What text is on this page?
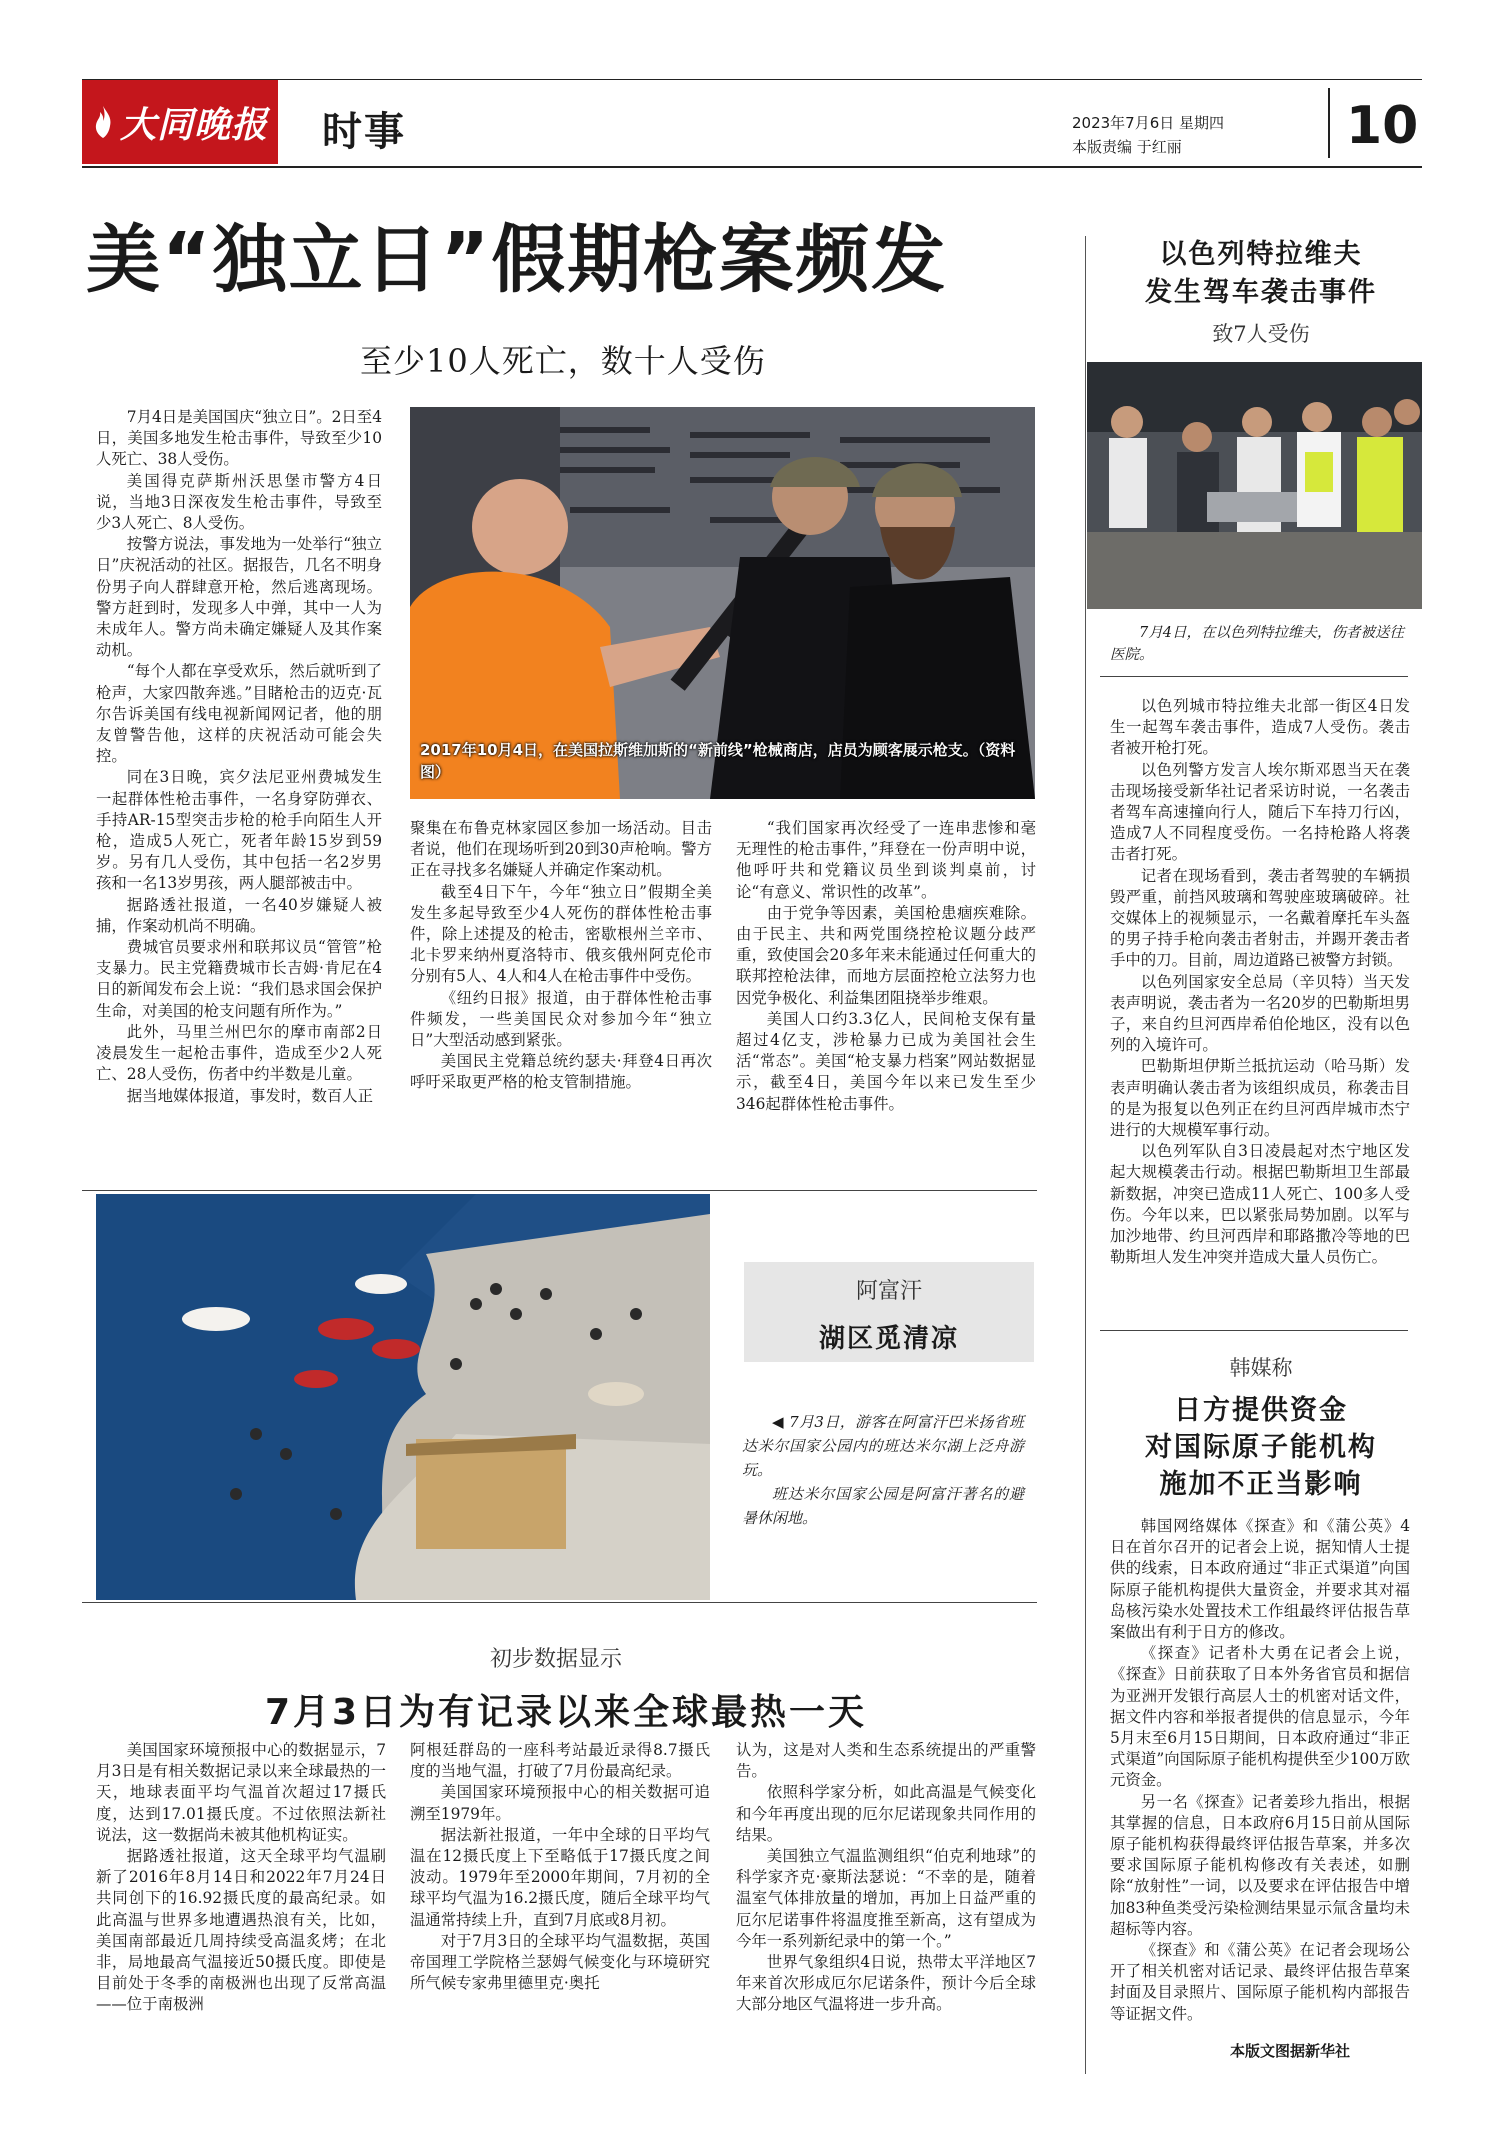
大同晚报 时事	2023年7月6日 星期四
本版责编 于红丽	10
美“独立日”假期枪案频发
至少10人死亡，数十人受伤

7月4日是美国国庆“独立日”。2日至4日，美国多地发生枪击事件，导致至少10人死亡、38人受伤。

美国得克萨斯州沃思堡市警方4日说，当地3日深夜发生枪击事件，导致至少3人死亡、8人受伤。

按警方说法，事发地为一处举行“独立日”庆祝活动的社区。据报告，几名不明身份男子向人群肆意开枪，然后逃离现场。警方赶到时，发现多人中弹，其中一人为未成年人。警方尚未确定嫌疑人及其作案动机。

“每个人都在享受欢乐，然后就听到了枪声，大家四散奔逃。”目睹枪击的迈克·瓦尔告诉美国有线电视新闻网记者，他的朋友曾警告他，这样的庆祝活动可能会失控。

同在3日晚，宾夕法尼亚州费城发生一起群体性枪击事件，一名身穿防弹衣、手持AR-15型突击步枪的枪手向陌生人开枪，造成5人死亡，死者年龄15岁到59岁。另有几人受伤，其中包括一名2岁男孩和一名13岁男孩，两人腿部被击中。

据路透社报道，一名40岁嫌疑人被捕，作案动机尚不明确。

费城官员要求州和联邦议员“管管”枪支暴力。民主党籍费城市长吉姆·肯尼在4日的新闻发布会上说：“我们恳求国会保护生命，对美国的枪支问题有所作为。”

此外，马里兰州巴尔的摩市南部2日凌晨发生一起枪击事件，造成至少2人死亡、28人受伤，伤者中约半数是儿童。

据当地媒体报道，事发时，数百人正

2017年10月4日，在美国拉斯维加斯的“新前线”枪械商店，店员为顾客展示枪支。（资料图）

聚集在布鲁克林家园区参加一场活动。目击者说，他们在现场听到20到30声枪响。警方正在寻找多名嫌疑人并确定作案动机。

截至4日下午，今年“独立日”假期全美发生多起导致至少4人死伤的群体性枪击事件，除上述提及的枪击，密歇根州兰辛市、北卡罗来纳州夏洛特市、俄亥俄州阿克伦市分别有5人、4人和4人在枪击事件中受伤。

《纽约日报》报道，由于群体性枪击事件频发，一些美国民众对参加今年“独立日”大型活动感到紧张。

美国民主党籍总统约瑟夫·拜登4日再次呼吁采取更严格的枪支管制措施。

“我们国家再次经受了一连串悲惨和毫无理性的枪击事件，”拜登在一份声明中说，他呼吁共和党籍议员坐到谈判桌前，讨论“有意义、常识性的改革”。

由于党争等因素，美国枪患痼疾难除。由于民主、共和两党围绕控枪议题分歧严重，致使国会20多年来未能通过任何重大的联邦控枪法律，而地方层面控枪立法努力也因党争极化、利益集团阻挠举步维艰。

美国人口约3.3亿人，民间枪支保有量超过4亿支，涉枪暴力已成为美国社会生活“常态”。美国“枪支暴力档案”网站数据显示，截至4日，美国今年以来已发生至少346起群体性枪击事件。

阿富汗
湖区觅清凉

◀ 7月3日，游客在阿富汗巴米扬省班达米尔国家公园内的班达米尔湖上泛舟游玩。

班达米尔国家公园是阿富汗著名的避暑休闲地。

初步数据显示
7月3日为有记录以来全球最热一天

美国国家环境预报中心的数据显示，7月3日是有相关数据记录以来全球最热的一天，地球表面平均气温首次超过17摄氏度，达到17.01摄氏度。不过依照法新社说法，这一数据尚未被其他机构证实。

据路透社报道，这天全球平均气温刷新了2016年8月14日和2022年7月24日共同创下的16.92摄氏度的最高纪录。如此高温与世界多地遭遇热浪有关，比如，美国南部最近几周持续受高温炙烤；在北非，局地最高气温接近50摄氏度。即使是目前处于冬季的南极洲也出现了反常高温——位于南极洲

阿根廷群岛的一座科考站最近录得8.7摄氏度的当地气温，打破了7月份最高纪录。

美国国家环境预报中心的相关数据可追溯至1979年。

据法新社报道，一年中全球的日平均气温在12摄氏度上下至略低于17摄氏度之间波动。1979年至2000年期间，7月初的全球平均气温为16.2摄氏度，随后全球平均气温通常持续上升，直到7月底或8月初。

对于7月3日的全球平均气温数据，英国帝国理工学院格兰瑟姆气候变化与环境研究所气候专家弗里德里克·奥托

认为，这是对人类和生态系统提出的严重警告。

依照科学家分析，如此高温是气候变化和今年再度出现的厄尔尼诺现象共同作用的结果。

美国独立气温监测组织“伯克利地球”的科学家齐克·豪斯法瑟说：“不幸的是，随着温室气体排放量的增加，再加上日益严重的厄尔尼诺事件将温度推至新高，这有望成为今年一系列新纪录中的第一个。”

世界气象组织4日说，热带太平洋地区7年来首次形成厄尔尼诺条件，预计今后全球大部分地区气温将进一步升高。

以色列特拉维夫
发生驾车袭击事件
致7人受伤

7月4日，在以色列特拉维夫，伤者被送往医院。

以色列城市特拉维夫北部一街区4日发生一起驾车袭击事件，造成7人受伤。袭击者被开枪打死。

以色列警方发言人埃尔斯邓恩当天在袭击现场接受新华社记者采访时说，一名袭击者驾车高速撞向行人，随后下车持刀行凶，造成7人不同程度受伤。一名持枪路人将袭击者打死。

记者在现场看到，袭击者驾驶的车辆损毁严重，前挡风玻璃和驾驶座玻璃破碎。社交媒体上的视频显示，一名戴着摩托车头盔的男子持手枪向袭击者射击，并踢开袭击者手中的刀。目前，周边道路已被警方封锁。

以色列国家安全总局（辛贝特）当天发表声明说，袭击者为一名20岁的巴勒斯坦男子，来自约旦河西岸希伯伦地区，没有以色列的入境许可。

巴勒斯坦伊斯兰抵抗运动（哈马斯）发表声明确认袭击者为该组织成员，称袭击目的是为报复以色列正在约旦河西岸城市杰宁进行的大规模军事行动。

以色列军队自3日凌晨起对杰宁地区发起大规模袭击行动。根据巴勒斯坦卫生部最新数据，冲突已造成11人死亡、100多人受伤。今年以来，巴以紧张局势加剧。以军与加沙地带、约旦河西岸和耶路撒冷等地的巴勒斯坦人发生冲突并造成大量人员伤亡。

韩媒称
日方提供资金
对国际原子能机构
施加不正当影响

韩国网络媒体《探查》和《蒲公英》4日在首尔召开的记者会上说，据知情人士提供的线索，日本政府通过“非正式渠道”向国际原子能机构提供大量资金，并要求其对福岛核污染水处置技术工作组最终评估报告草案做出有利于日方的修改。

《探查》记者朴大勇在记者会上说，《探查》日前获取了日本外务省官员和据信为亚洲开发银行高层人士的机密对话文件，据文件内容和举报者提供的信息显示，今年5月末至6月15日期间，日本政府通过“非正式渠道”向国际原子能机构提供至少100万欧元资金。

另一名《探查》记者姜珍九指出，根据其掌握的信息，日本政府6月15日前从国际原子能机构获得最终评估报告草案，并多次要求国际原子能机构修改有关表述，如删除“放射性”一词，以及要求在评估报告中增加83种鱼类受污染检测结果显示氚含量均未超标等内容。

《探查》和《蒲公英》在记者会现场公开了相关机密对话记录、最终评估报告草案封面及目录照片、国际原子能机构内部报告等证据文件。

本版文图据新华社
